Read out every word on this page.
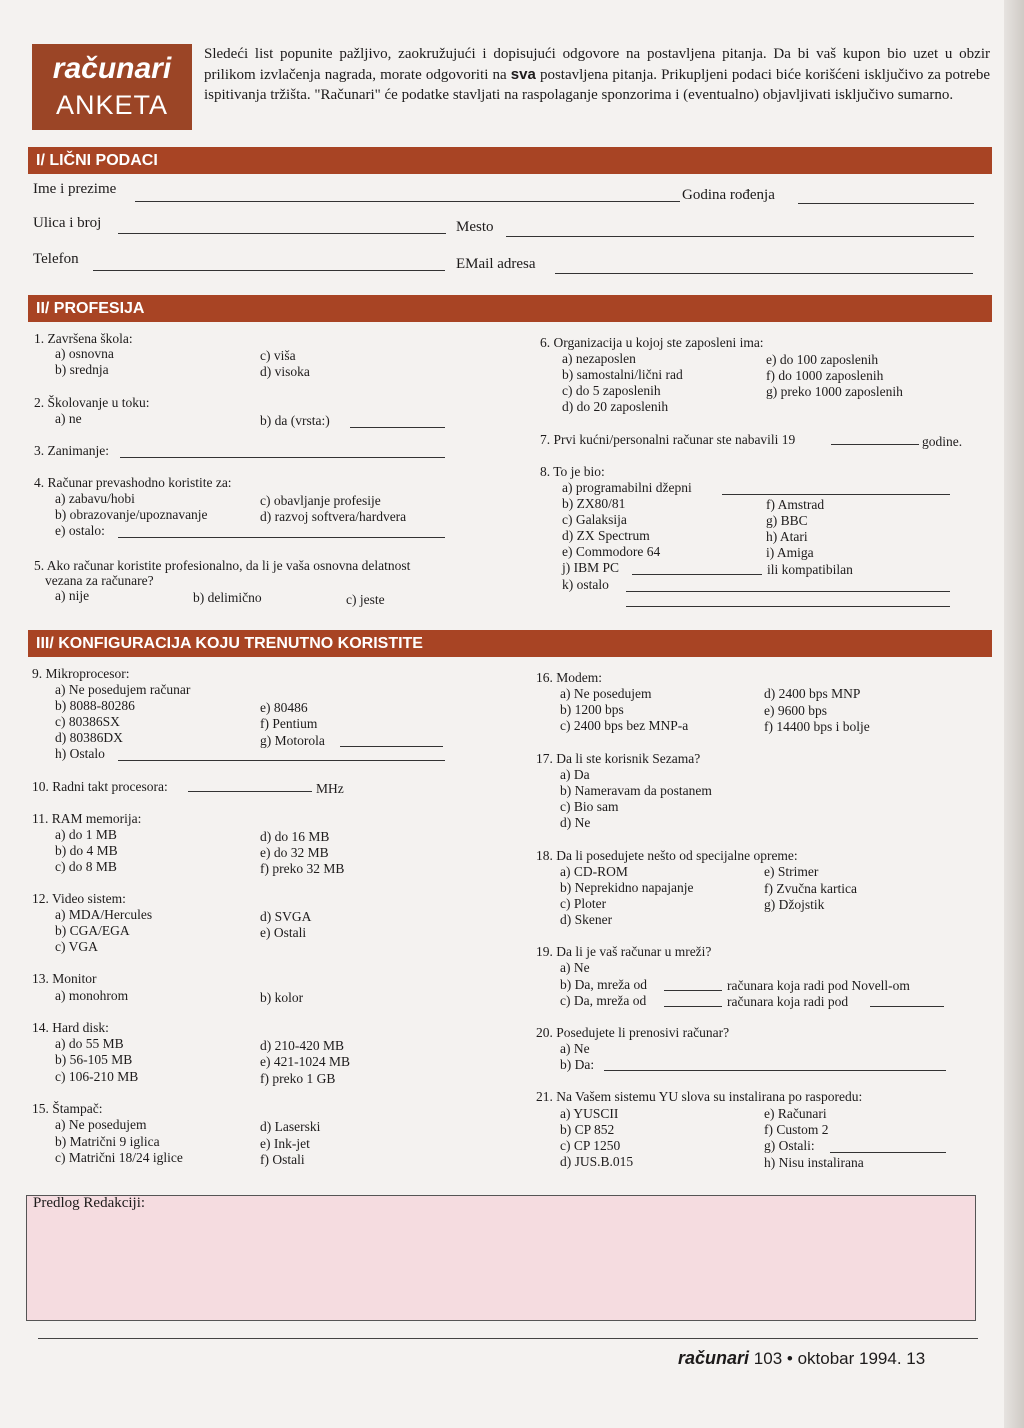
računari
ANKETA
Sledeći list popunite pažljivo, zaokružujući i dopisujući odgovore na postavljena pitanja. Da bi vaš kupon bio uzet u obzir prilikom izvlačenja nagrada, morate odgovoriti na sva postavljena pitanja. Prikupljeni podaci biće korišćeni isključivo za potrebe ispitivanja tržišta. "Računari" će podatke stavljati na raspolaganje sponzorima i (eventualno) objavljivati isključivo sumarno.
I/ LIČNI PODACI
Ime i prezime	Godina rođenja
Ulica i broj	Mesto
Telefon	EMail adresa
II/ PROFESIJA
1. Završena škola:
a) osnovna
b) srednja
c) viša
d) visoka
2. Školovanje u toku:
a) ne	b) da (vrsta:)
3. Zanimanje:
4. Računar prevashodno koristite za:
a) zabavu/hobi
b) obrazovanje/upoznavanje
e) ostalo:
c) obavljanje profesije
d) razvoj softvera/hardvera
5. Ako računar koristite profesionalno, da li je vaša osnovna delatnost
vezana za računare?
a) nije	b) delimično	c) jeste
6. Organizacija u kojoj ste zaposleni ima:
a) nezaposlen
b) samostalni/lični rad
c) do 5 zaposlenih
d) do 20 zaposlenih
e) do 100 zaposlenih
f) do 1000 zaposlenih
g) preko 1000 zaposlenih
7. Prvi kućni/personalni računar ste nabavili 19	godine.
8. To je bio:
a) programabilni džepni
b) ZX80/81
c) Galaksija
d) ZX Spectrum
e) Commodore 64
j) IBM PC	ili kompatibilan
k) ostalo
f) Amstrad
g) BBC
h) Atari
i) Amiga
III/ KONFIGURACIJA KOJU TRENUTNO KORISTITE
9. Mikroprocesor:
a) Ne posedujem računar
b) 8088-80286
c) 80386SX
d) 80386DX
h) Ostalo
e) 80486
f) Pentium
g) Motorola
10. Radni takt procesora:	MHz
11. RAM memorija:
a) do 1 MB
b) do 4 MB
c) do 8 MB
d) do 16 MB
e) do 32 MB
f) preko 32 MB
12. Video sistem:
a) MDA/Hercules
b) CGA/EGA
c) VGA
d) SVGA
e) Ostali
13. Monitor
a) monohrom	b) kolor
14. Hard disk:
a) do 55 MB
b) 56-105 MB
c) 106-210 MB
d) 210-420 MB
e) 421-1024 MB
f) preko 1 GB
15. Štampač:
a) Ne posedujem
b) Matrični 9 iglica
c) Matrični 18/24 iglice
d) Laserski
e) Ink-jet
f) Ostali
16. Modem:
a) Ne posedujem
b) 1200 bps
c) 2400 bps bez MNP-a
d) 2400 bps MNP
e) 9600 bps
f) 14400 bps i bolje
17. Da li ste korisnik Sezama?
a) Da
b) Nameravam da postanem
c) Bio sam
d) Ne
18. Da li posedujete nešto od specijalne opreme:
a) CD-ROM
b) Neprekidno napajanje
c) Ploter
d) Skener
e) Strimer
f) Zvučna kartica
g) Džojstik
19. Da li je vaš računar u mreži?
a) Ne
b) Da, mreža od	računara koja radi pod Novell-om
c) Da, mreža od	računara koja radi pod
20. Posedujete li prenosivi računar?
a) Ne
b) Da:
21. Na Vašem sistemu YU slova su instalirana po rasporedu:
a) YUSCII
b) CP 852
c) CP 1250
d) JUS.B.015
e) Računari
f) Custom 2
g) Ostali:
h) Nisu instalirana
Predlog Redakciji:
računari 103 • oktobar 1994. 13
